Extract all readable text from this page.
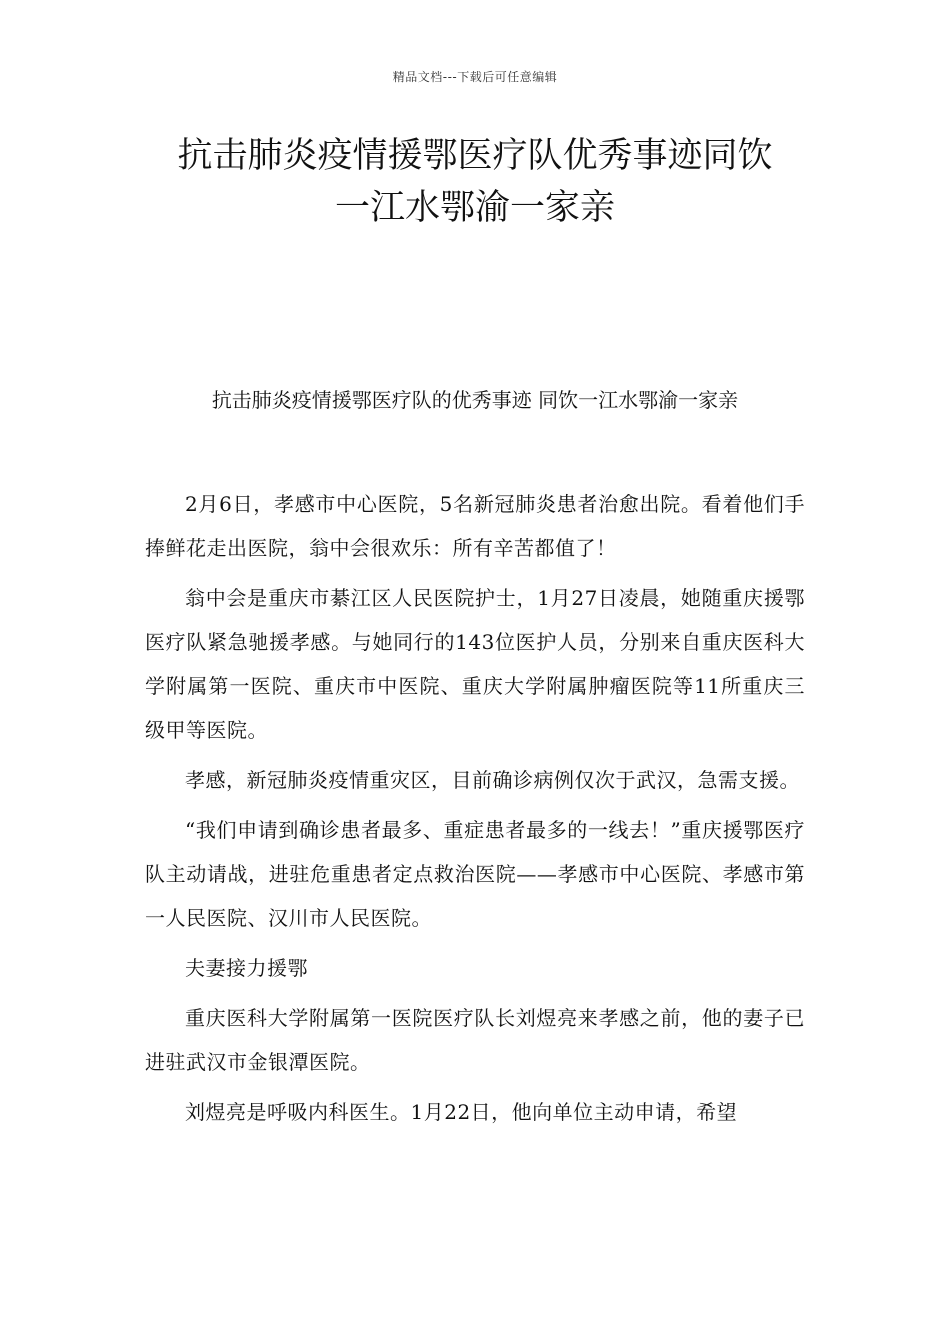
精品文档---下载后可任意编辑
抗击肺炎疫情援鄂医疗队优秀事迹同饮
一江水鄂渝一家亲

抗击肺炎疫情援鄂医疗队的优秀事迹 同饮一江水鄂渝一家亲

2月6日，孝感市中心医院，5名新冠肺炎患者治愈出院。看着他们手捧鲜花走出医院，翁中会很欢乐：所有辛苦都值了！

翁中会是重庆市綦江区人民医院护士，1月27日凌晨，她随重庆援鄂医疗队紧急驰援孝感。与她同行的143位医护人员，分别来自重庆医科大学附属第一医院、重庆市中医院、重庆大学附属肿瘤医院等11所重庆三级甲等医院。

孝感，新冠肺炎疫情重灾区，目前确诊病例仅次于武汉，急需支援。

“我们申请到确诊患者最多、重症患者最多的一线去！”重庆援鄂医疗队主动请战，进驻危重患者定点救治医院——孝感市中心医院、孝感市第一人民医院、汉川市人民医院。

夫妻接力援鄂

重庆医科大学附属第一医院医疗队长刘煜亮来孝感之前，他的妻子已进驻武汉市金银潭医院。

刘煜亮是呼吸内科医生。1月22日，他向单位主动申请，希望
